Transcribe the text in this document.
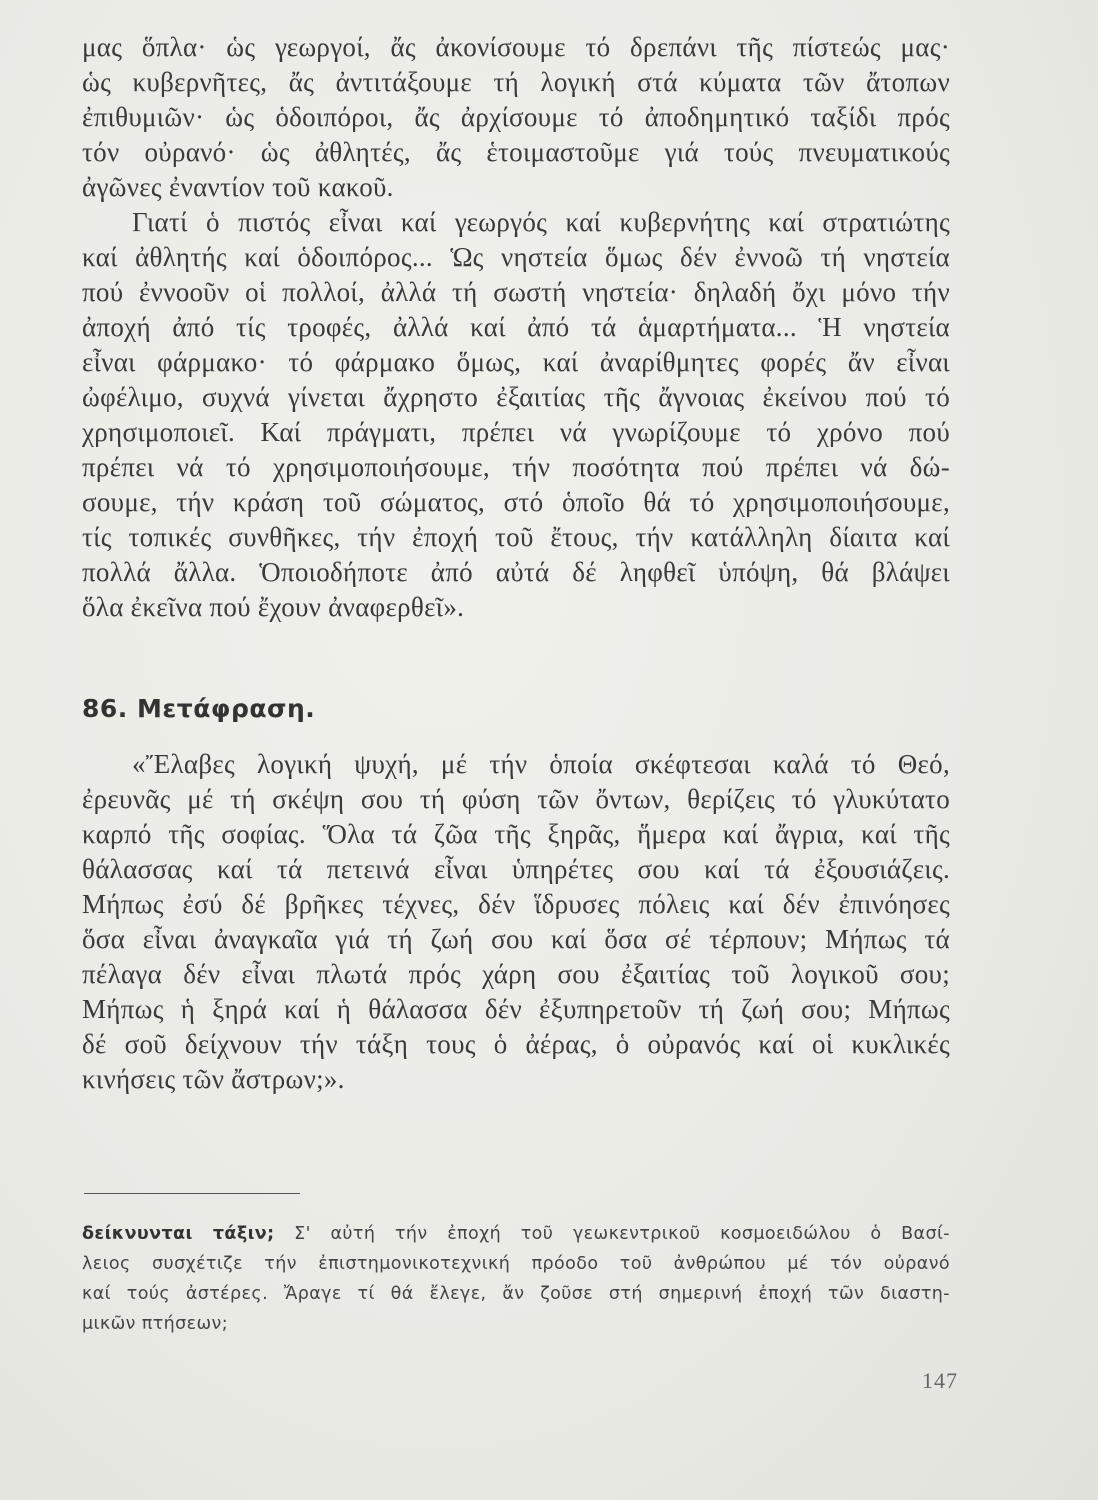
μας ὅπλα· ὡς γεωργοί, ἄς ἀκονίσουμε τό δρεπάνι τῆς πίστεώς μας·
ὡς κυβερνῆτες, ἄς ἀντιτάξουμε τή λογική στά κύματα τῶν ἄτοπων
ἐπιθυμιῶν· ὡς ὁδοιπόροι, ἄς ἀρχίσουμε τό ἀποδημητικό ταξίδι πρός
τόν οὐρανό· ὡς ἀθλητές, ἄς ἑτοιμαστοῦμε γιά τούς πνευματικούς
ἀγῶνες ἐναντίον τοῦ κακοῦ.
Γιατί ὁ πιστός εἶναι καί γεωργός καί κυβερνήτης καί στρατιώτης
καί ἀθλητής καί ὁδοιπόρος... Ὡς νηστεία ὅμως δέν ἐννοῶ τή νηστεία
πού ἐννοοῦν οἱ πολλοί, ἀλλά τή σωστή νηστεία· δηλαδή ὄχι μόνο τήν
ἀποχή ἀπό τίς τροφές, ἀλλά καί ἀπό τά ἁμαρτήματα... Ἡ νηστεία
εἶναι φάρμακο· τό φάρμακο ὅμως, καί ἀναρίθμητες φορές ἄν εἶναι
ὠφέλιμο, συχνά γίνεται ἄχρηστο ἐξαιτίας τῆς ἄγνοιας ἐκείνου πού τό
χρησιμοποιεῖ. Καί πράγματι, πρέπει νά γνωρίζουμε τό χρόνο πού
πρέπει νά τό χρησιμοποιήσουμε, τήν ποσότητα πού πρέπει νά δώ-
σουμε, τήν κράση τοῦ σώματος, στό ὁποῖο θά τό χρησιμοποιήσουμε,
τίς τοπικές συνθῆκες, τήν ἐποχή τοῦ ἔτους, τήν κατάλληλη δίαιτα καί
πολλά ἄλλα. Ὁποιοδήποτε ἀπό αὐτά δέ ληφθεῖ ὑπόψη, θά βλάψει
ὅλα ἐκεῖνα πού ἔχουν ἀναφερθεῖ».
86. Μετάφραση.
«Ἔλαβες λογική ψυχή, μέ τήν ὁποία σκέφτεσαι καλά τό Θεό,
ἐρευνᾶς μέ τή σκέψη σου τή φύση τῶν ὄντων, θερίζεις τό γλυκύτατο
καρπό τῆς σοφίας. Ὅλα τά ζῶα τῆς ξηρᾶς, ἥμερα καί ἄγρια, καί τῆς
θάλασσας καί τά πετεινά εἶναι ὑπηρέτες σου καί τά ἐξουσιάζεις.
Μήπως ἐσύ δέ βρῆκες τέχνες, δέν ἵδρυσες πόλεις καί δέν ἐπινόησες
ὅσα εἶναι ἀναγκαῖα γιά τή ζωή σου καί ὅσα σέ τέρπουν; Μήπως τά
πέλαγα δέν εἶναι πλωτά πρός χάρη σου ἐξαιτίας τοῦ λογικοῦ σου;
Μήπως ἡ ξηρά καί ἡ θάλασσα δέν ἐξυπηρετοῦν τή ζωή σου; Μήπως
δέ σοῦ δείχνουν τήν τάξη τους ὁ ἀέρας, ὁ οὐρανός καί οἱ κυκλικές
κινήσεις τῶν ἄστρων;».
δείκνυνται τάξιν; Σ' αὐτή τήν ἐποχή τοῦ γεωκεντρικοῦ κοσμοειδώλου ὁ Βασί-
λειος συσχέτιζε τήν ἐπιστημονικοτεχνική πρόοδο τοῦ ἀνθρώπου μέ τόν οὐρανό
καί τούς ἀστέρες. Ἄραγε τί θά ἔλεγε, ἄν ζοῦσε στή σημερινή ἐποχή τῶν διαστη-
μικῶν πτήσεων;
147
